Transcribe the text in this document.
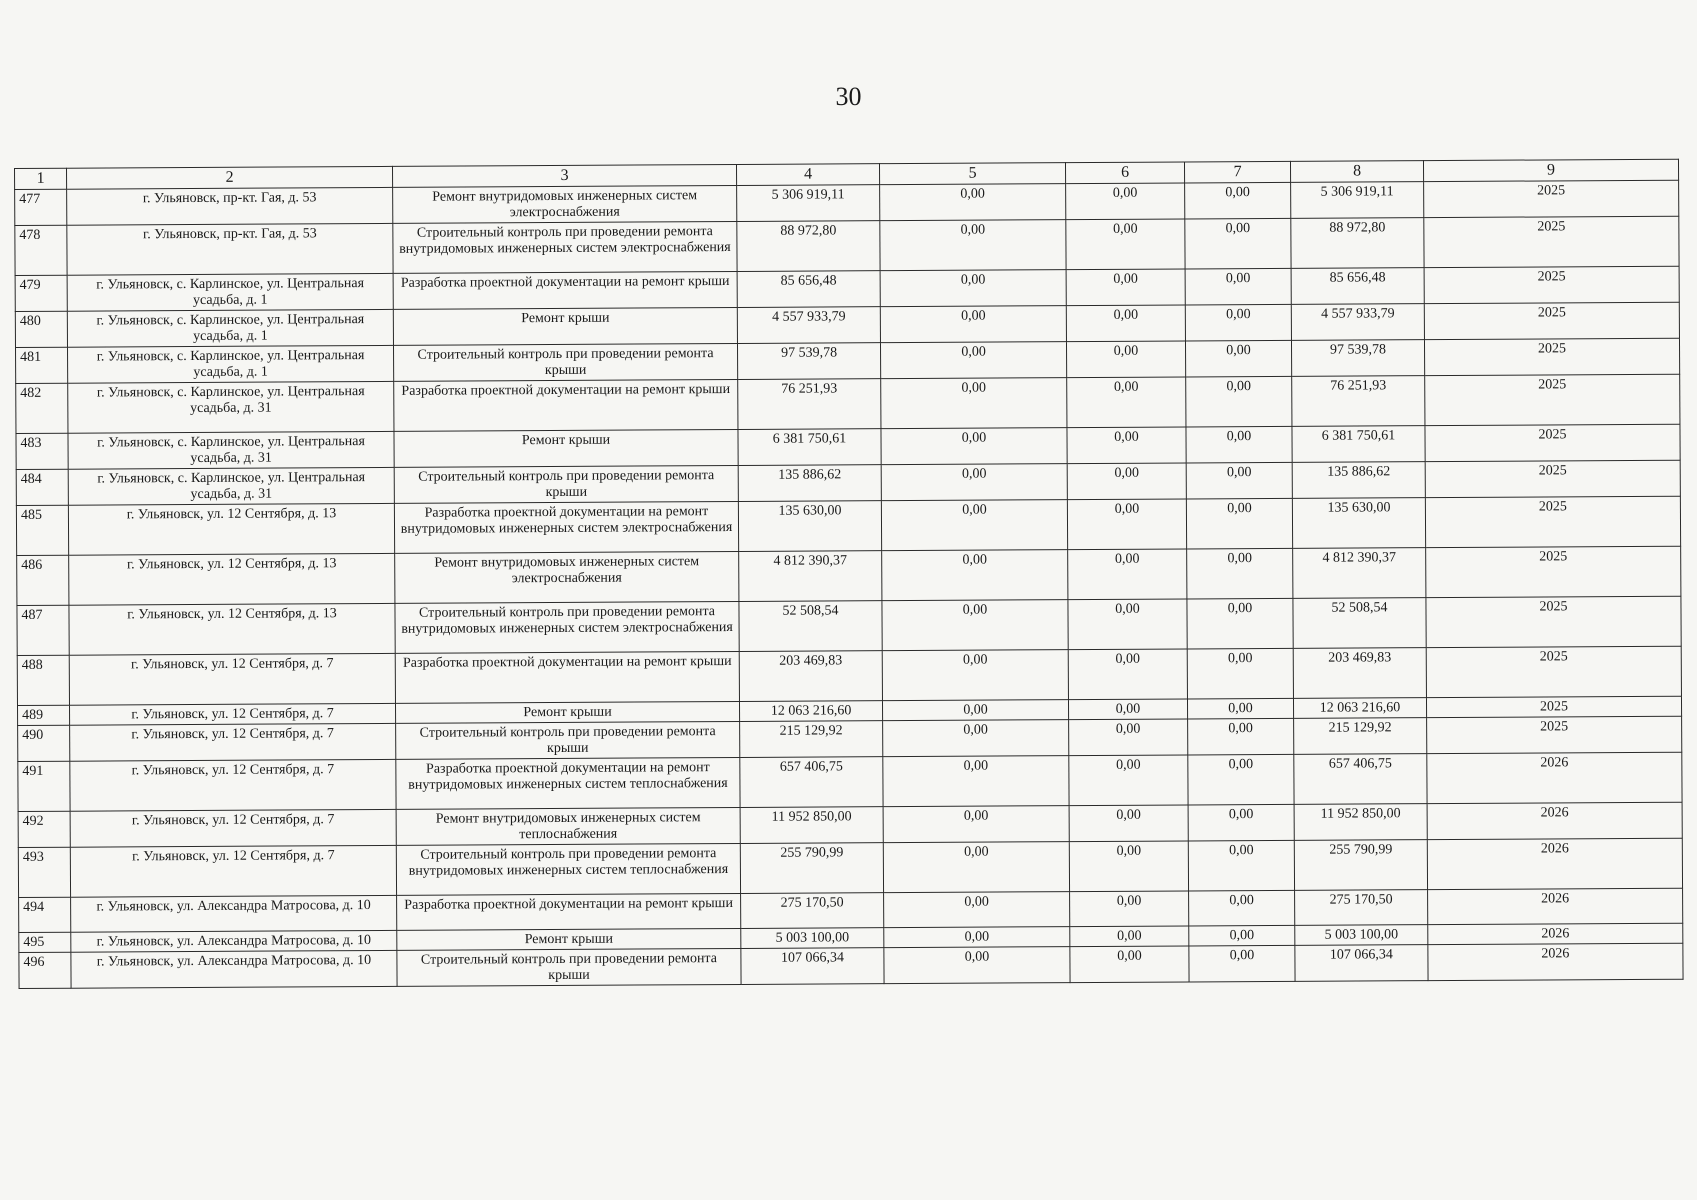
30
1	2	3	4	5	6	7	8	9
477	г. Ульяновск, пр-кт. Гая, д. 53	Ремонт внутридомовых инженерных систем электроснабжения	5 306 919,11	0,00	0,00	0,00	5 306 919,11	2025
478	г. Ульяновск, пр-кт. Гая, д. 53	Строительный контроль при проведении ремонта внутридомовых инженерных систем электроснабжения	88 972,80	0,00	0,00	0,00	88 972,80	2025
479	г. Ульяновск, с. Карлинское, ул. Центральная усадьба, д. 1	Разработка проектной документации на ремонт крыши	85 656,48	0,00	0,00	0,00	85 656,48	2025
480	г. Ульяновск, с. Карлинское, ул. Центральная усадьба, д. 1	Ремонт крыши	4 557 933,79	0,00	0,00	0,00	4 557 933,79	2025
481	г. Ульяновск, с. Карлинское, ул. Центральная усадьба, д. 1	Строительный контроль при проведении ремонта крыши	97 539,78	0,00	0,00	0,00	97 539,78	2025
482	г. Ульяновск, с. Карлинское, ул. Центральная усадьба, д. 31	Разработка проектной документации на ремонт крыши	76 251,93	0,00	0,00	0,00	76 251,93	2025
483	г. Ульяновск, с. Карлинское, ул. Центральная усадьба, д. 31	Ремонт крыши	6 381 750,61	0,00	0,00	0,00	6 381 750,61	2025
484	г. Ульяновск, с. Карлинское, ул. Центральная усадьба, д. 31	Строительный контроль при проведении ремонта крыши	135 886,62	0,00	0,00	0,00	135 886,62	2025
485	г. Ульяновск, ул. 12 Сентября, д. 13	Разработка проектной документации на ремонт внутридомовых инженерных систем электроснабжения	135 630,00	0,00	0,00	0,00	135 630,00	2025
486	г. Ульяновск, ул. 12 Сентября, д. 13	Ремонт внутридомовых инженерных систем электроснабжения	4 812 390,37	0,00	0,00	0,00	4 812 390,37	2025
487	г. Ульяновск, ул. 12 Сентября, д. 13	Строительный контроль при проведении ремонта внутридомовых инженерных систем электроснабжения	52 508,54	0,00	0,00	0,00	52 508,54	2025
488	г. Ульяновск, ул. 12 Сентября, д. 7	Разработка проектной документации на ремонт крыши	203 469,83	0,00	0,00	0,00	203 469,83	2025
489	г. Ульяновск, ул. 12 Сентября, д. 7	Ремонт крыши	12 063 216,60	0,00	0,00	0,00	12 063 216,60	2025
490	г. Ульяновск, ул. 12 Сентября, д. 7	Строительный контроль при проведении ремонта крыши	215 129,92	0,00	0,00	0,00	215 129,92	2025
491	г. Ульяновск, ул. 12 Сентября, д. 7	Разработка проектной документации на ремонт внутридомовых инженерных систем теплоснабжения	657 406,75	0,00	0,00	0,00	657 406,75	2026
492	г. Ульяновск, ул. 12 Сентября, д. 7	Ремонт внутридомовых инженерных систем теплоснабжения	11 952 850,00	0,00	0,00	0,00	11 952 850,00	2026
493	г. Ульяновск, ул. 12 Сентября, д. 7	Строительный контроль при проведении ремонта внутридомовых инженерных систем теплоснабжения	255 790,99	0,00	0,00	0,00	255 790,99	2026
494	г. Ульяновск, ул. Александра Матросова, д. 10	Разработка проектной документации на ремонт крыши	275 170,50	0,00	0,00	0,00	275 170,50	2026
495	г. Ульяновск, ул. Александра Матросова, д. 10	Ремонт крыши	5 003 100,00	0,00	0,00	0,00	5 003 100,00	2026
496	г. Ульяновск, ул. Александра Матросова, д. 10	Строительный контроль при проведении ремонта крыши	107 066,34	0,00	0,00	0,00	107 066,34	2026
